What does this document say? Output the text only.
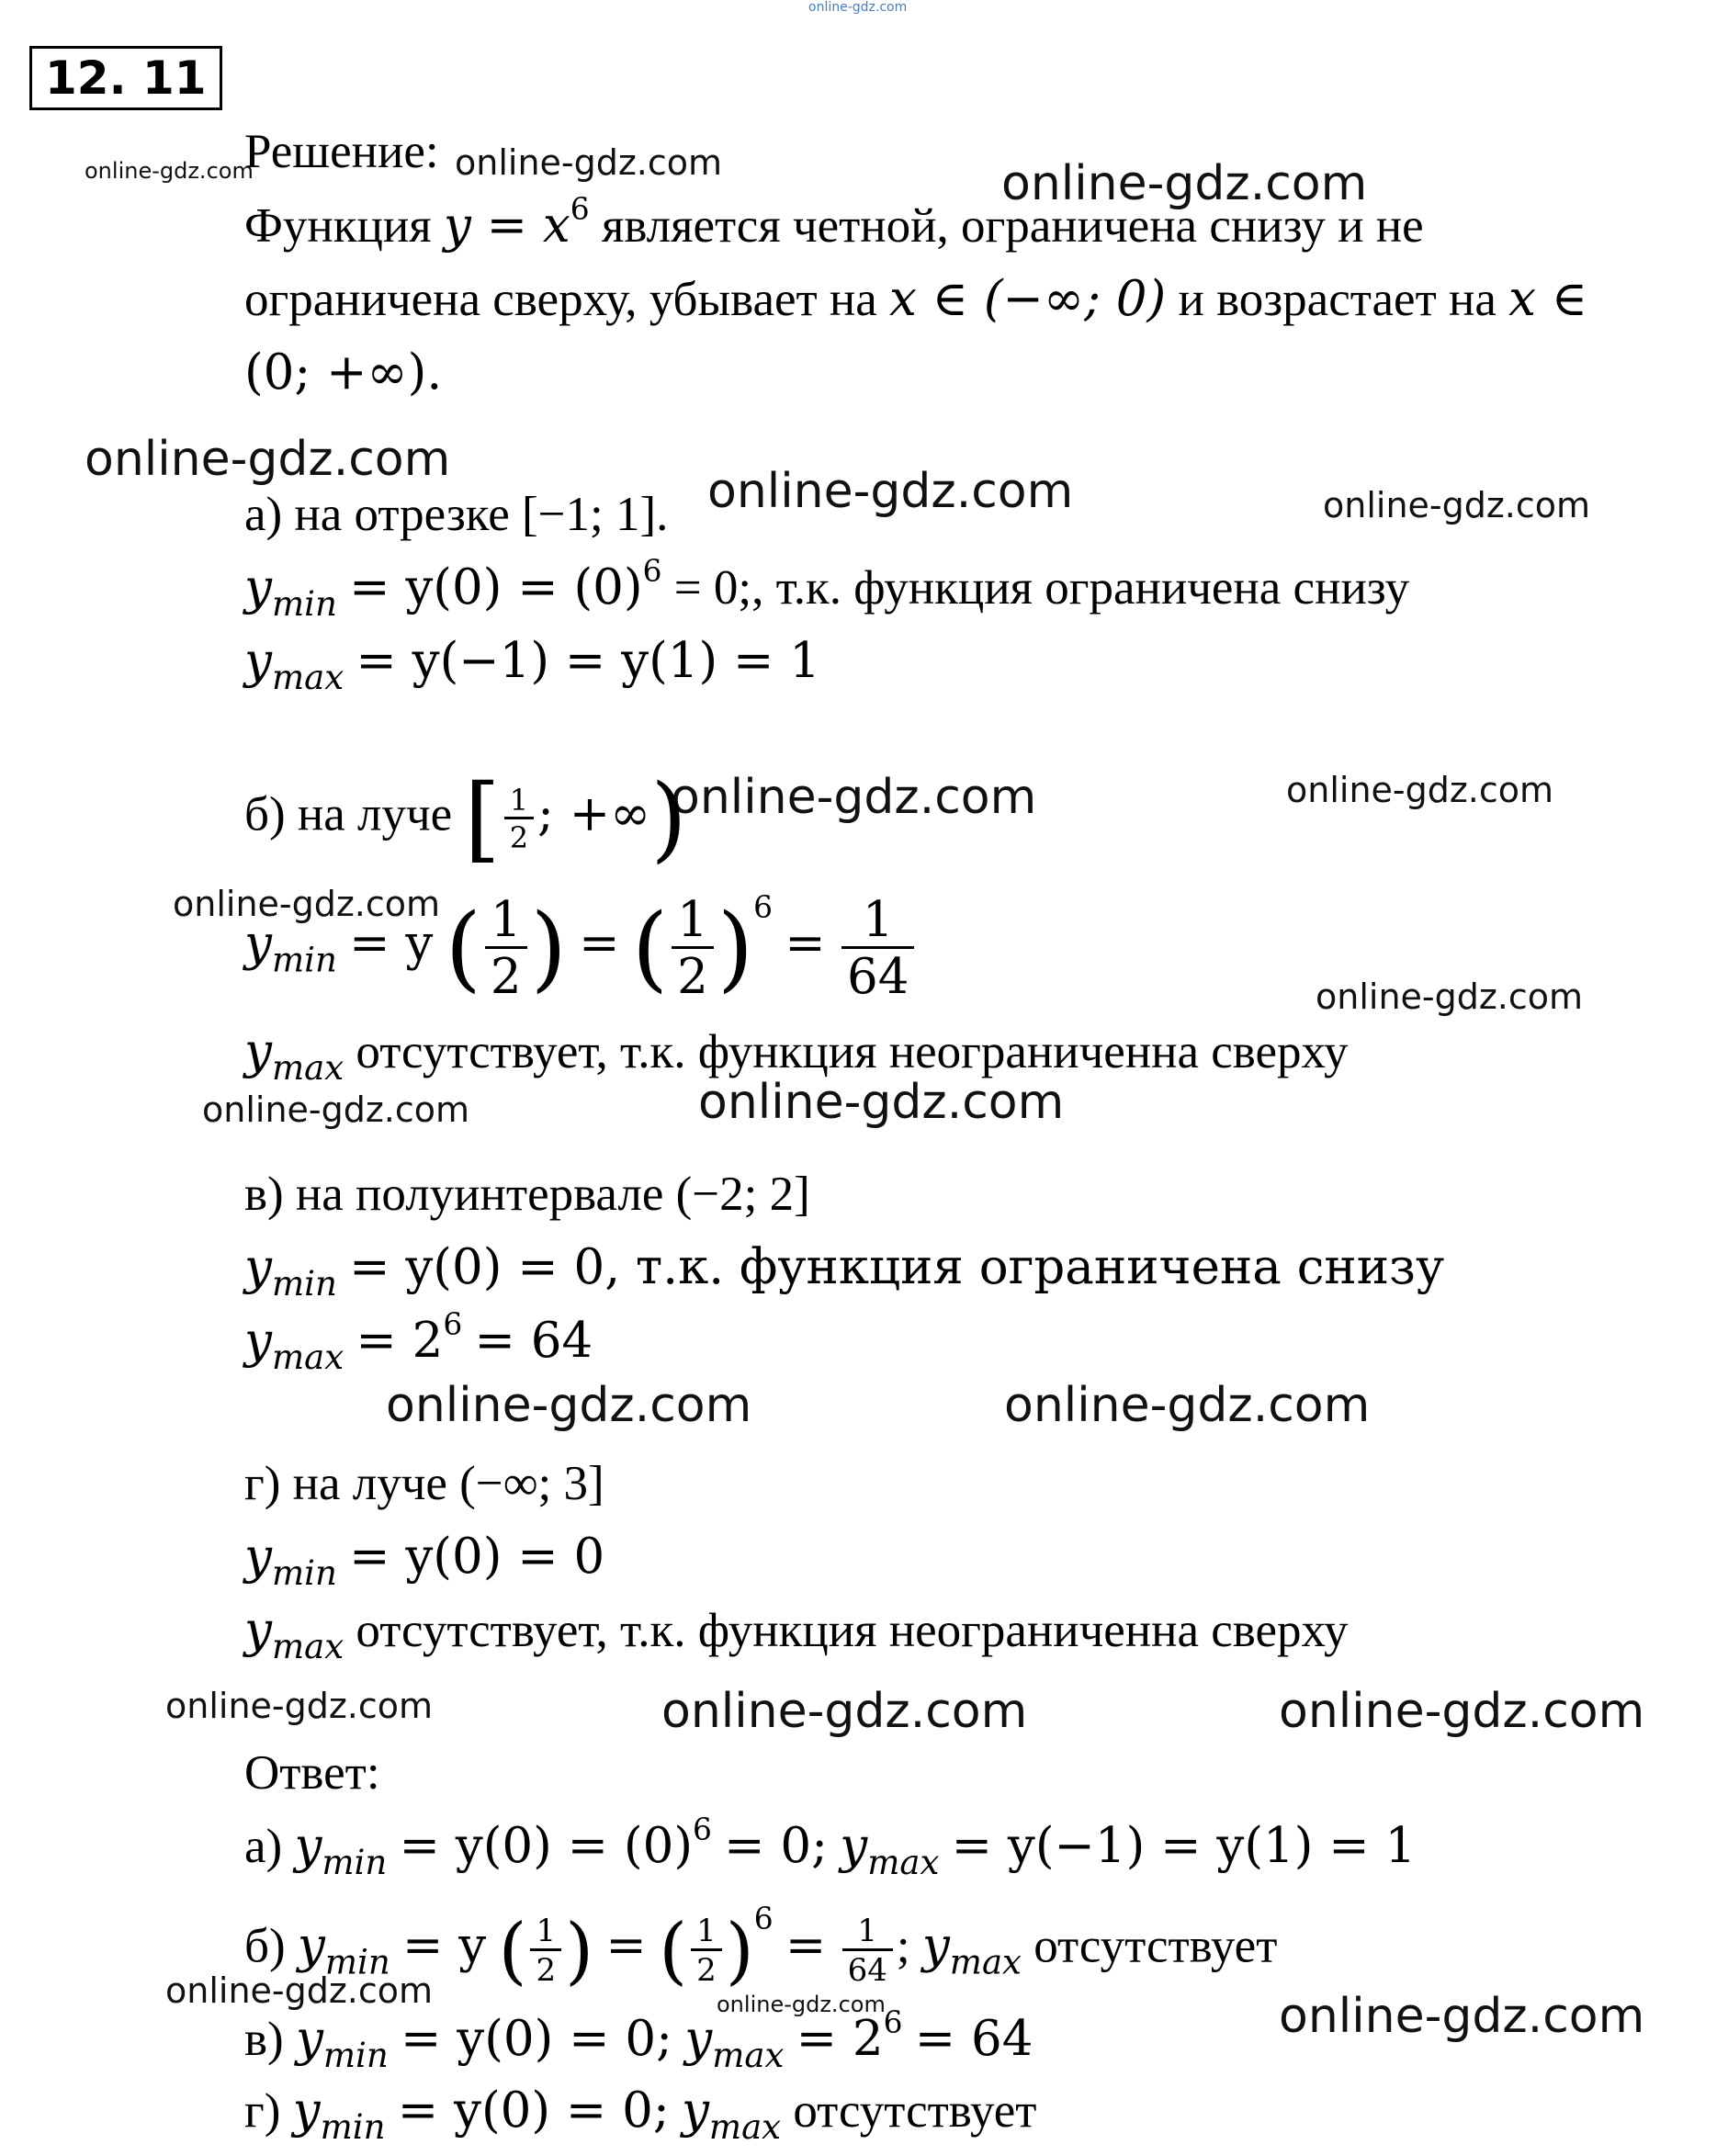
online-gdz.com
12. 11
online-gdz.com	online-gdz.com	online-gdz.com
online-gdz.com
online-gdz.com	online-gdz.com
online-gdz.com	online-gdz.com
online-gdz.com
online-gdz.com
online-gdz.com	online-gdz.com
online-gdz.com	online-gdz.com
online-gdz.com	online-gdz.com	online-gdz.com
online-gdz.com	online-gdz.com	online-gdz.com
Решение:
Функция $y = x^6$ является четной, ограничена снизу и не
ограничена сверху, убывает на x ∈ (−∞; 0) и возрастает на x ∈
(0; +∞).
а) на отрезке [−1; 1].
$y_{min} = y(0) = (0)^6 = 0$;, т.к. функция ограничена снизу
$y_{max} = y(-1) = y(1) = 1$
б) на луче [ $\frac{1}{2}$ ; +∞)
$y_{min} = y$ ( $\frac{1}{2}$ ) = ( $\frac{1}{2} )^6 = \frac{1}{64}$
$y_{max}$ отсутствует, т.к. функция неограниченна сверху
в) на полуинтервале (−2; 2]
$y_{min} = y(0) = 0$, т.к. функция ограничена снизу
$y_{max} = 2^6 = 64$
г) на луче (−∞; 3]
$y_{min} = y(0) = 0$
$y_{max}$ отсутствует, т.к. функция неограниченна сверху
Ответ:
а) $y_{min} = y(0) = (0)^6 = 0$; $y_{max} = y(-1) = y(1) = 1$
б) $y_{min} = y$ ( $\frac{1}{2}$ ) = ( $\frac{1}{2} )^6 = \frac{1}{64}$ ; $y_{max}$ отсутствует
в) $y_{min} = y(0) = 0$; $y_{max} = 2^6 = 64$
г) $y_{min} = y(0) = 0$; $y_{max}$ отсутствует
